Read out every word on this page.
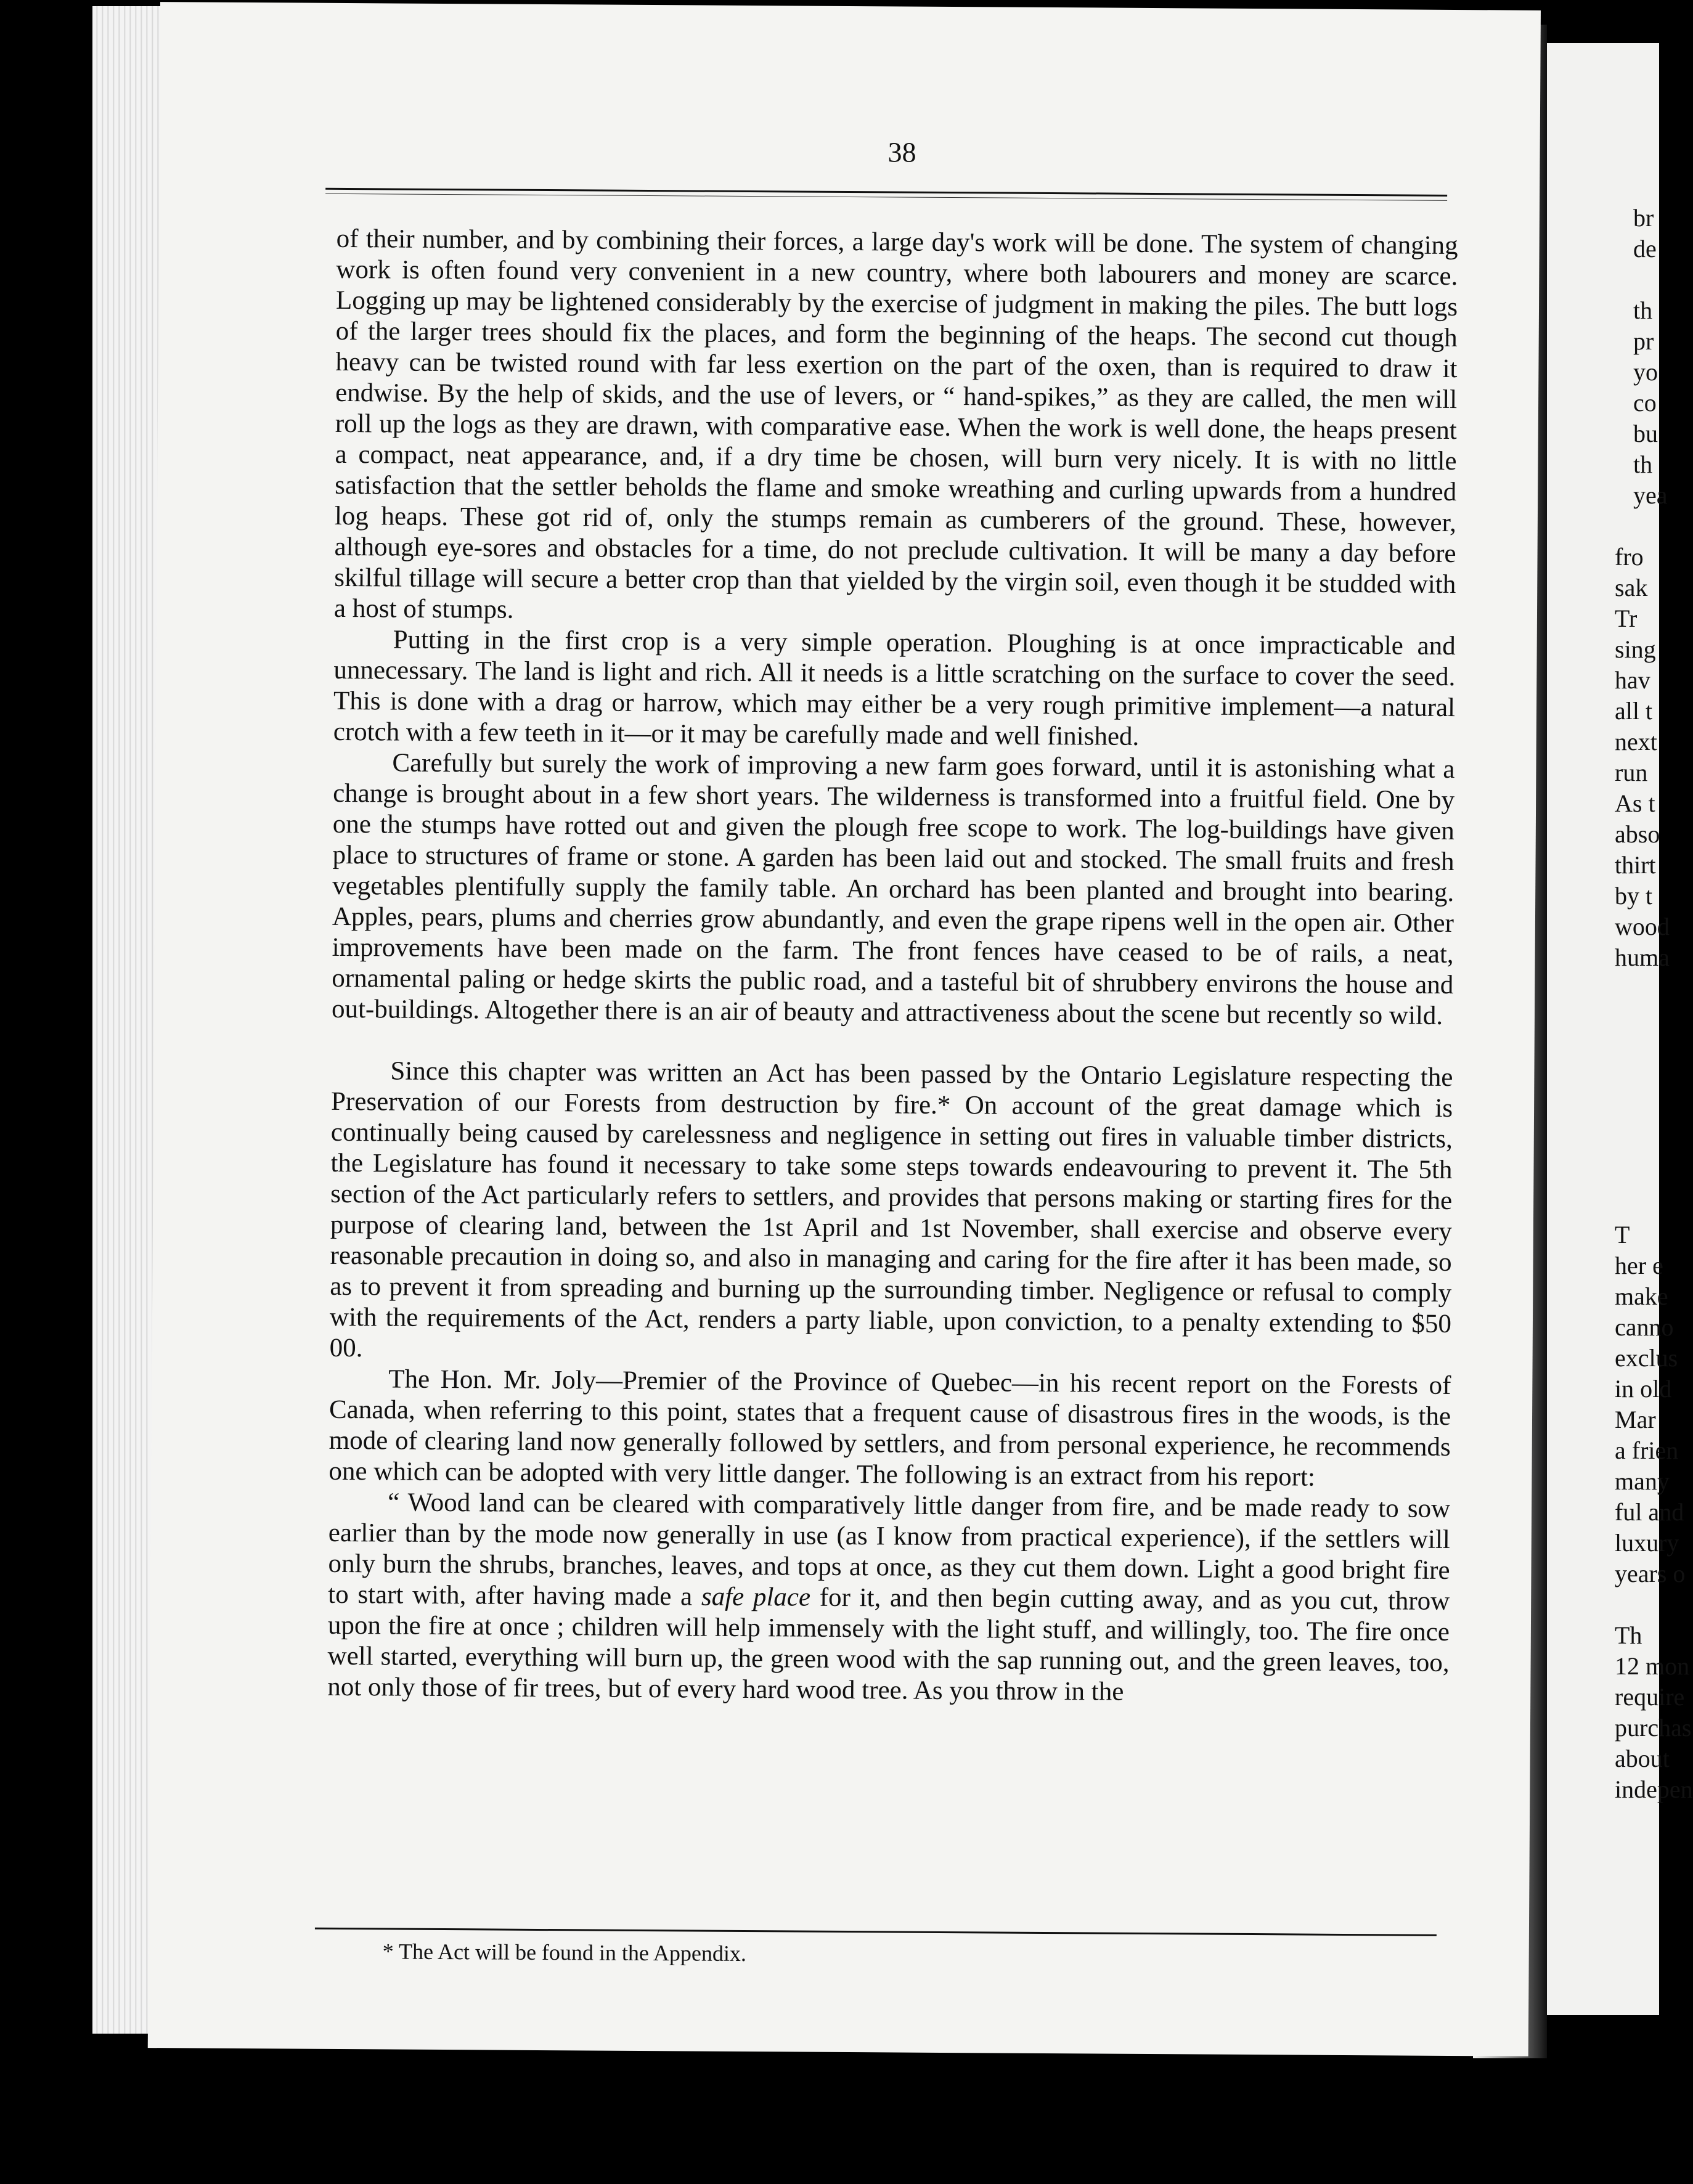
br
de
th
pr
yo
co
bu
th
yea
fro
sak
Tr
sing
hav
all t
next
run
As t
abso
thirt
by t
wood
huma
T
her e
make
canno
exclus
in old
Mar
a frien
many
ful and
luxury
years o
Th
12 mon
require
purchas
about
indepen
38

of their number, and by combining their forces, a large day's work will be done. The system of changing work is often found very convenient in a new country, where both labourers and money are scarce. Logging up may be lightened considerably by the exercise of judgment in making the piles. The butt logs of the larger trees should fix the places, and form the beginning of the heaps. The second cut though heavy can be twisted round with far less exertion on the part of the oxen, than is required to draw it endwise. By the help of skids, and the use of levers, or “ hand-spikes,” as they are called, the men will roll up the logs as they are drawn, with comparative ease. When the work is well done, the heaps present a compact, neat appearance, and, if a dry time be chosen, will burn very nicely. It is with no little satisfaction that the settler beholds the flame and smoke wreathing and curling upwards from a hundred log heaps. These got rid of, only the stumps remain as cumberers of the ground. These, however, although eye-sores and obstacles for a time, do not preclude cultivation. It will be many a day before skilful tillage will secure a better crop than that yielded by the virgin soil, even though it be studded with a host of stumps.

Putting in the first crop is a very simple operation. Ploughing is at once impracticable and unnecessary. The land is light and rich. All it needs is a little scratching on the surface to cover the seed. This is done with a drag or harrow, which may either be a very rough primitive implement—a natural crotch with a few teeth in it—or it may be carefully made and well finished.

Carefully but surely the work of improving a new farm goes forward, until it is astonishing what a change is brought about in a few short years. The wilderness is transformed into a fruitful field. One by one the stumps have rotted out and given the plough free scope to work. The log-buildings have given place to structures of frame or stone. A garden has been laid out and stocked. The small fruits and fresh vegetables plentifully supply the family table. An orchard has been planted and brought into bearing. Apples, pears, plums and cherries grow abundantly, and even the grape ripens well in the open air. Other improvements have been made on the farm. The front fences have ceased to be of rails, a neat, ornamental paling or hedge skirts the public road, and a tasteful bit of shrubbery environs the house and out-buildings. Altogether there is an air of beauty and attractiveness about the scene but recently so wild.

Since this chapter was written an Act has been passed by the Ontario Legislature respecting the Preservation of our Forests from destruction by fire.* On account of the great damage which is continually being caused by carelessness and negligence in setting out fires in valuable timber districts, the Legislature has found it necessary to take some steps towards endeavouring to prevent it. The 5th section of the Act particularly refers to settlers, and provides that persons making or starting fires for the purpose of clearing land, between the 1st April and 1st November, shall exercise and observe every reasonable precaution in doing so, and also in managing and caring for the fire after it has been made, so as to prevent it from spreading and burning up the surrounding timber. Negligence or refusal to comply with the requirements of the Act, renders a party liable, upon conviction, to a penalty extending to $50 00.

The Hon. Mr. Joly—Premier of the Province of Quebec—in his recent report on the Forests of Canada, when referring to this point, states that a frequent cause of disastrous fires in the woods, is the mode of clearing land now generally followed by settlers, and from personal experience, he recommends one which can be adopted with very little danger. The following is an extract from his report:

“ Wood land can be cleared with comparatively little danger from fire, and be made ready to sow earlier than by the mode now generally in use (as I know from practical experience), if the settlers will only burn the shrubs, branches, leaves, and tops at once, as they cut them down. Light a good bright fire to start with, after having made a safe place for it, and then begin cutting away, and as you cut, throw upon the fire at once ; children will help immensely with the light stuff, and willingly, too. The fire once well started, everything will burn up, the green wood with the sap running out, and the green leaves, too, not only those of fir trees, but of every hard wood tree. As you throw in the

* The Act will be found in the Appendix.
